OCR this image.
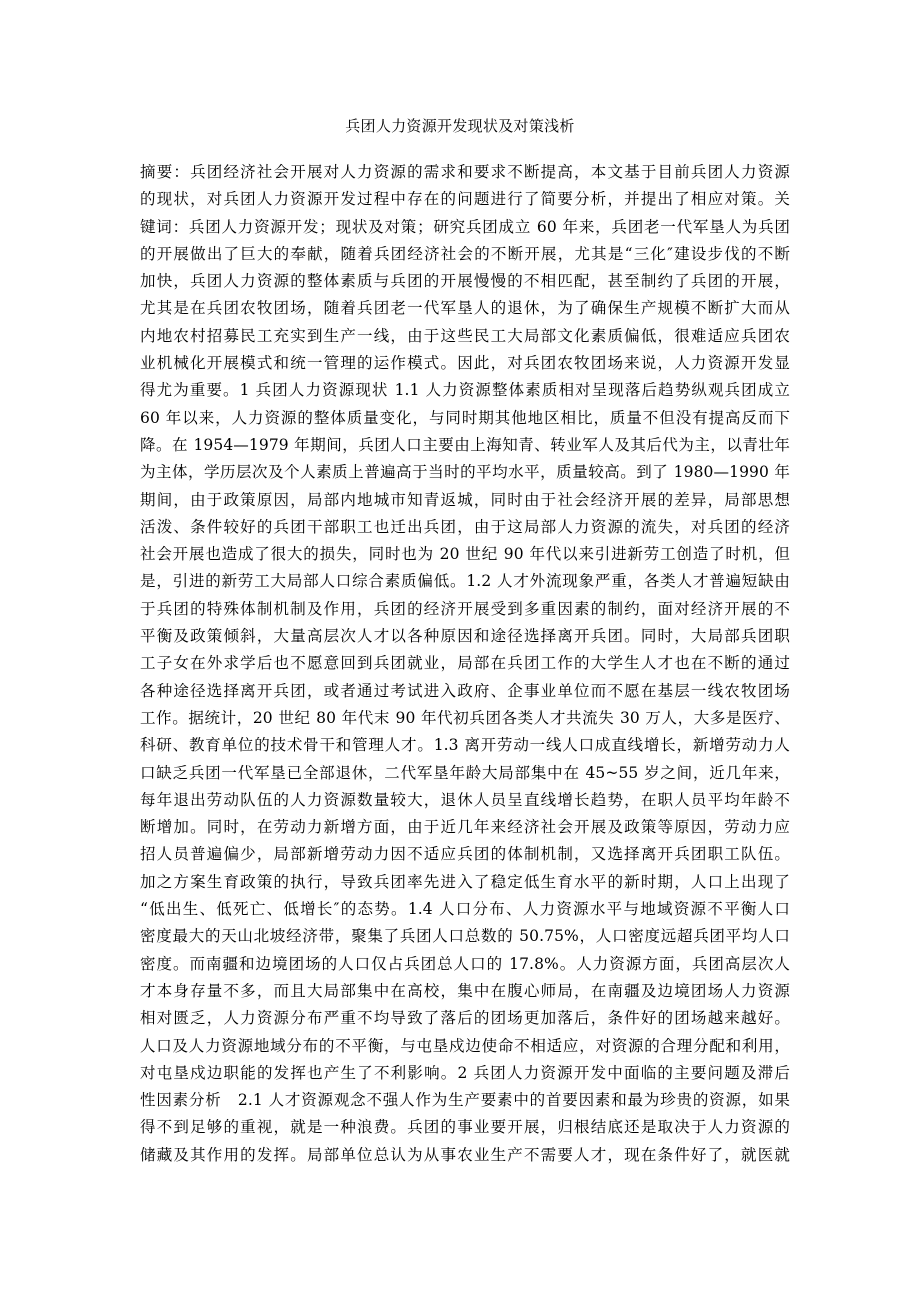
兵团人力资源开发现状及对策浅析
摘要：兵团经济社会开展对人力资源的需求和要求不断提高，本文基于目前兵团人力资源
的现状，对兵团人力资源开发过程中存在的问题进行了简要分析，并提出了相应对策。关
键词：兵团人力资源开发；现状及对策；研究兵团成立 60 年来，兵团老一代军垦人为兵团
的开展做出了巨大的奉献，随着兵团经济社会的不断开展，尤其是“三化″建设步伐的不断
加快，兵团人力资源的整体素质与兵团的开展慢慢的不相匹配，甚至制约了兵团的开展，
尤其是在兵团农牧团场，随着兵团老一代军垦人的退休，为了确保生产规模不断扩大而从
内地农村招募民工充实到生产一线，由于这些民工大局部文化素质偏低，很难适应兵团农
业机械化开展模式和统一管理的运作模式。因此，对兵团农牧团场来说，人力资源开发显
得尤为重要。1 兵团人力资源现状 1.1 人力资源整体素质相对呈现落后趋势纵观兵团成立
60 年以来，人力资源的整体质量变化，与同时期其他地区相比，质量不但没有提高反而下
降。在 1954—1979 年期间，兵团人口主要由上海知青、转业军人及其后代为主，以青壮年
为主体，学历层次及个人素质上普遍高于当时的平均水平，质量较高。到了 1980—1990 年
期间，由于政策原因，局部内地城市知青返城，同时由于社会经济开展的差异，局部思想
活泼、条件较好的兵团干部职工也迁出兵团，由于这局部人力资源的流失，对兵团的经济
社会开展也造成了很大的损失，同时也为 20 世纪 90 年代以来引进新劳工创造了时机，但
是，引进的新劳工大局部人口综合素质偏低。1.2 人才外流现象严重，各类人才普遍短缺由
于兵团的特殊体制机制及作用，兵团的经济开展受到多重因素的制约，面对经济开展的不
平衡及政策倾斜，大量高层次人才以各种原因和途径选择离开兵团。同时，大局部兵团职
工子女在外求学后也不愿意回到兵团就业，局部在兵团工作的大学生人才也在不断的通过
各种途径选择离开兵团，或者通过考试进入政府、企事业单位而不愿在基层一线农牧团场
工作。据统计，20 世纪 80 年代末 90 年代初兵团各类人才共流失 30 万人，大多是医疗、
科研、教育单位的技术骨干和管理人才。1.3 离开劳动一线人口成直线增长，新增劳动力人
口缺乏兵团一代军垦已全部退休，二代军垦年龄大局部集中在 45~55 岁之间，近几年来，
每年退出劳动队伍的人力资源数量较大，退休人员呈直线增长趋势，在职人员平均年龄不
断增加。同时，在劳动力新增方面，由于近几年来经济社会开展及政策等原因，劳动力应
招人员普遍偏少，局部新增劳动力因不适应兵团的体制机制，又选择离开兵团职工队伍。
加之方案生育政策的执行，导致兵团率先进入了稳定低生育水平的新时期，人口上出现了
“低出生、低死亡、低增长″的态势。1.4 人口分布、人力资源水平与地域资源不平衡人口
密度最大的天山北坡经济带，聚集了兵团人口总数的 50.75%，人口密度远超兵团平均人口
密度。而南疆和边境团场的人口仅占兵团总人口的 17.8%。人力资源方面，兵团高层次人
才本身存量不多，而且大局部集中在高校，集中在腹心师局，在南疆及边境团场人力资源
相对匮乏，人力资源分布严重不均导致了落后的团场更加落后，条件好的团场越来越好。
人口及人力资源地域分布的不平衡，与屯垦戍边使命不相适应，对资源的合理分配和利用，
对屯垦戍边职能的发挥也产生了不利影响。2 兵团人力资源开发中面临的主要问题及滞后
性因素分析　2.1 人才资源观念不强人作为生产要素中的首要因素和最为珍贵的资源，如果
得不到足够的重视，就是一种浪费。兵团的事业要开展，归根结底还是取决于人力资源的
储藏及其作用的发挥。局部单位总认为从事农业生产不需要人才，现在条件好了，就医就
